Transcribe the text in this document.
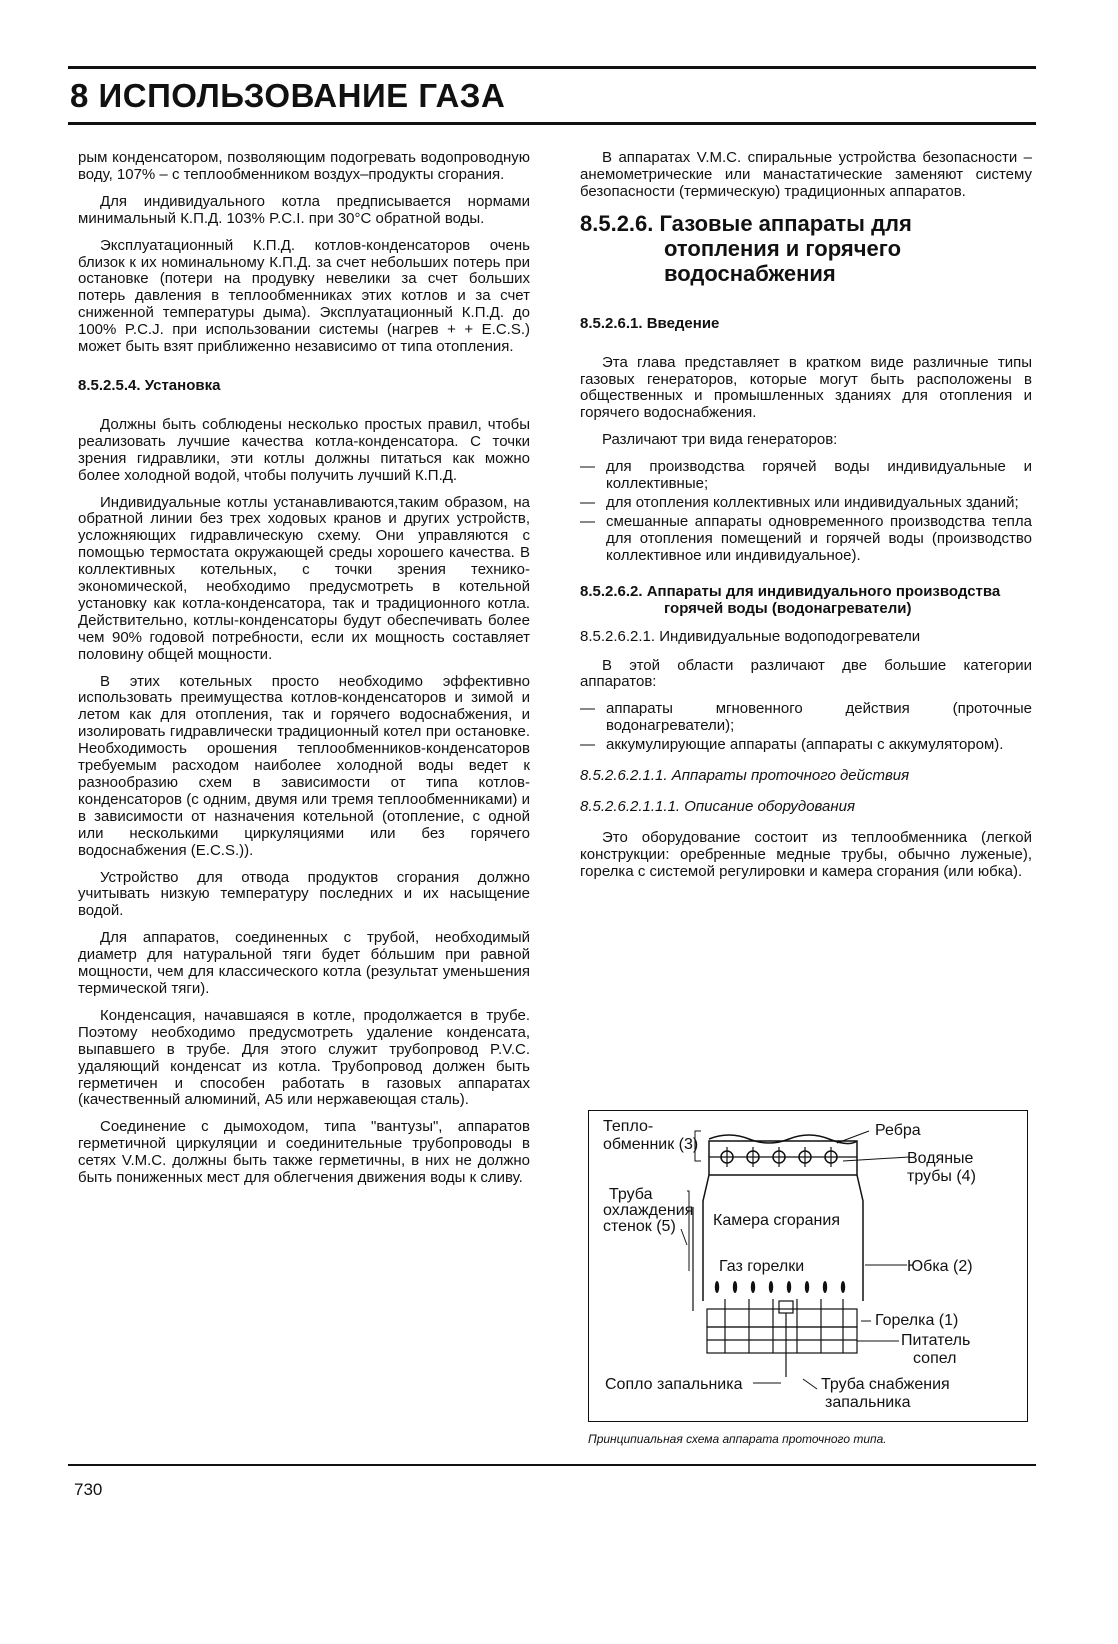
8 ИСПОЛЬЗОВАНИЕ ГАЗА

рым конденсатором, позволяющим подогревать водопроводную воду, 107% – с теплообменником воздух–продукты сгорания.

Для индивидуального котла предписывается нормами минимальный К.П.Д. 103% P.C.I. при 30°С обратной воды.

Эксплуатационный К.П.Д. котлов-конденсаторов очень близок к их номинальному К.П.Д. за счет небольших потерь при остановке (потери на продувку невелики за счет больших потерь давления в теплообменниках этих котлов и за счет сниженной температуры дыма). Эксплуатационный К.П.Д. до 100% P.C.J. при использовании системы (нагрев + + E.C.S.) может быть взят приближенно независимо от типа отопления.

8.5.2.5.4. Установка

Должны быть соблюдены несколько простых правил, чтобы реализовать лучшие качества котла-конденсатора. С точки зрения гидравлики, эти котлы должны питаться как можно более холодной водой, чтобы получить лучший К.П.Д.

Индивидуальные котлы устанавливаются,таким образом, на обратной линии без трех ходовых кранов и других устройств, усложняющих гидравлическую схему. Они управляются с помощью термостата окружающей среды хорошего качества. В коллективных котельных, с точки зрения технико-экономической, необходимо предусмотреть в котельной установку как котла-конденсатора, так и традиционного котла. Действительно, котлы-конденсаторы будут обеспечивать более чем 90% годовой потребности, если их мощность составляет половину общей мощности.

В этих котельных просто необходимо эффективно использовать преимущества котлов-конденсаторов и зимой и летом как для отопления, так и горячего водоснабжения, и изолировать гидравлически традиционный котел при остановке. Необходимость орошения теплообменников-конденсаторов требуемым расходом наиболее холодной воды ведет к разнообразию схем в зависимости от типа котлов-конденсаторов (с одним, двумя или тремя теплообменниками) и в зависимости от назначения котельной (отопление, с одной или несколькими циркуляциями или без горячего водоснабжения (E.C.S.)).

Устройство для отвода продуктов сгорания должно учитывать низкую температуру последних и их насыщение водой.

Для аппаратов, соединенных с трубой, необходимый диаметр для натуральной тяги будет бо́льшим при равной мощности, чем для классического котла (результат уменьшения термической тяги).

Конденсация, начавшаяся в котле, продолжается в трубе. Поэтому необходимо предусмотреть удаление конденсата, выпавшего в трубе. Для этого служит трубопровод P.V.C. удаляющий конденсат из котла. Трубопровод должен быть герметичен и способен работать в газовых аппаратах (качественный алюминий, А5 или нержавеющая сталь).

Соединение с дымоходом, типа "вантузы", аппаратов герметичной циркуляции и соединительные трубопроводы в сетях V.M.C. должны быть также герметичны, в них не должно быть пониженных мест для облегчения движения воды к сливу.

В аппаратах V.M.C. спиральные устройства безопасности – анемометрические или манастатические заменяют систему безопасности (термическую) традиционных аппаратов.

8.5.2.6. Газовые аппараты для отопления и горячего водоснабжения
8.5.2.6.1. Введение

Эта глава представляет в кратком виде различные типы газовых генераторов, которые могут быть расположены в общественных и промышленных зданиях для отопления и горячего водоснабжения.

Различают три вида генераторов:

— для производства горячей воды индивидуальные и коллективные;
— для отопления коллективных или индивидуальных зданий;
— смешанные аппараты одновременного производства тепла для отопления помещений и горячей воды (производство коллективное или индивидуальное).
8.5.2.6.2. Аппараты для индивидуального производства горячей воды (водонагреватели)
8.5.2.6.2.1. Индивидуальные водоподогреватели

В этой области различают две большие категории аппаратов:

— аппараты мгновенного действия (проточные водонагреватели);
— аккумулирующие аппараты (аппараты с аккумулятором).
8.5.2.6.2.1.1. Аппараты проточного действия
8.5.2.6.2.1.1.1. Описание оборудования

Это оборудование состоит из теплообменника (легкой конструкции: оребренные медные трубы, обычно луженые), горелка с системой регулировки и камера сгорания (или юбка).

Тепло-
обменник (3)
Ребра
Водяные
трубы (4)
Труба
охлаждения
стенок (5) Камера сгорания
Газ горелки	Юбка (2)
Горелка (1)
Питатель
сопел
Сопло запальника	Труба снабжения
запальника
Принципиальная схема аппарата проточного типа.
730
